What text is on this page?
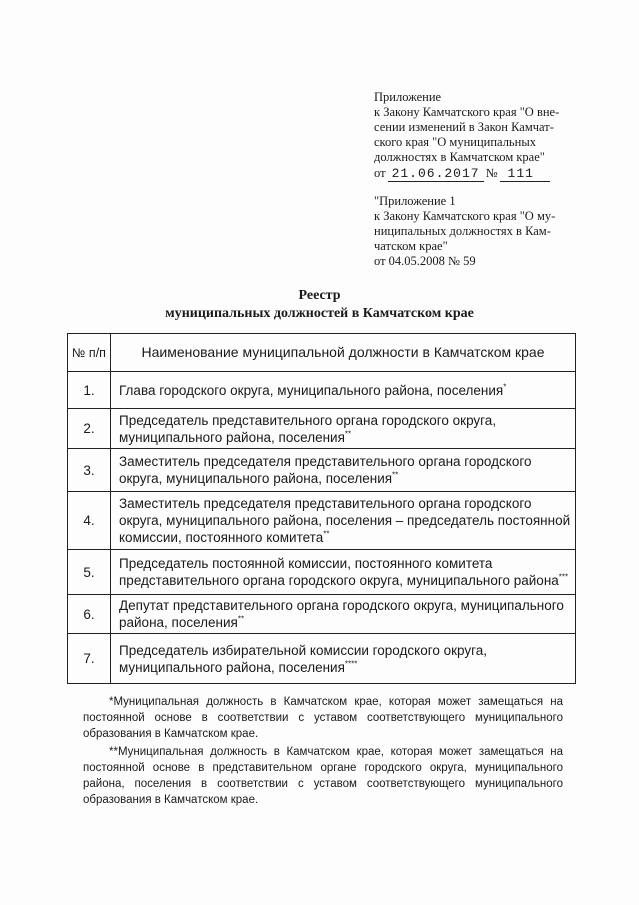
Приложение
к Закону Камчатского края "О вне-
сении изменений в Закон Камчат-
ского края "О муниципальных
должностях в Камчатском крае"
от 21.06.2017 № 111
"Приложение 1
к Закону Камчатского края "О му-
ниципальных должностях в Кам-
чатском крае"
от 04.05.2008 № 59
Реестр
муниципальных должностей в Камчатском крае
№ п/п	Наименование муниципальной должности в Камчатском крае
1.	Глава городского округа, муниципального района, поселения*
2.	Председатель представительного органа городского округа, муниципального района, поселения**
3.	Заместитель председателя представительного органа городского округа, муниципального района, поселения**
4.	Заместитель председателя представительного органа городского округа, муниципального района, поселения – председатель постоянной комиссии, постоянного комитета**
5.	Председатель постоянной комиссии, постоянного комитета представительного органа городского округа, муниципального района***
6.	Депутат представительного органа городского округа, муниципального района, поселения**
7.	Председатель избирательной комиссии городского округа, муниципального района, поселения****

*Муниципальная должность в Камчатском крае, которая может замещаться на постоянной основе в соответствии с уставом соответствующего муниципального образования в Камчатском крае.

**Муниципальная должность в Камчатском крае, которая может замещаться на постоянной основе в представительном органе городского округа, муниципального района, поселения в соответствии с уставом соответствующего муниципального образования в Камчатском крае.
